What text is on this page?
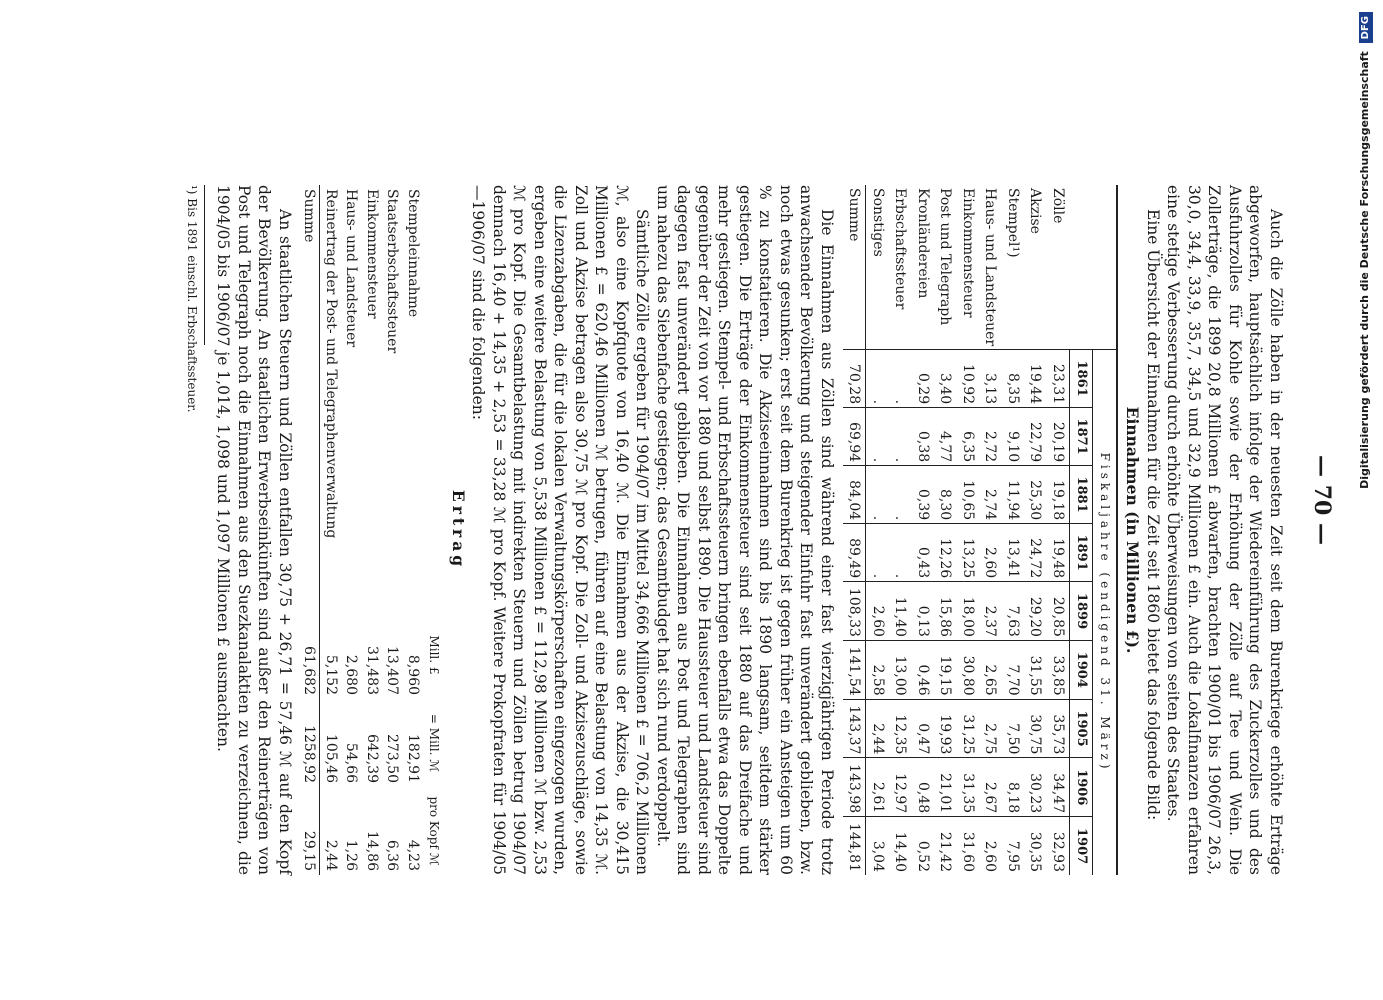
— 70 —

Auch die Zölle haben in der neuesten Zeit seit dem Burenkriege erhöhte Erträge abgeworfen, hauptsächlich infolge der Wiedereinführung des Zuckerzolles und des Ausfuhrzolles für Kohle sowie der Erhöhung der Zölle auf Tee und Wein. Die Zollerträge, die 1899 20,8 Millionen £ abwarfen, brachten 1900/01 bis 1906/07 26,3, 30,0, 34,4, 33,9, 35,7, 34,5 und 32,9 Millionen £ ein. Auch die Lokalfinanzen erfahren eine stetige Verbesserung durch erhöhte Überweisungen von seiten des Staates.

Eine Übersicht der Einnahmen für die Zeit seit 1860 bietet das folgende Bild:

Einnahmen (in Millionen £).

	Fiskaljahre (endigend 31. März)								
	1861	1871	1881	1891	1899	1904	1905	1906	1907
Zölle	23,31	20,19	19,18	19,48	20,85	33,85	35,73	34,47	32,93
Akzise	19,44	22,79	25,30	24,72	29,20	31,55	30,75	30,23	30,35
Stempel¹)	8,35	9,10	11,94	13,41	7,63	7,70	7,50	8,18	7,95
Haus- und Landsteuer	3,13	2,72	2,74	2,60	2,37	2,65	2,75	2,67	2,60
Einkommensteuer	10,92	6,35	10,65	13,25	18,00	30,80	31,25	31,35	31,60
Post und Telegraph	3,40	4,77	8,30	12,26	15,86	19,15	19,93	21,01	21,42
Kronländereien	0,29	0,38	0,39	0,43	0,13	0,46	0,47	0,48	0,52
Erbschaftssteuer	.	.	.	.	11,40	13,00	12,35	12,97	14,40
Sonstiges	.	.	.	.	2,60	2,58	2,44	2,61	3,04
Summe	70,28	69,94	84,04	89,49	108,33	141,54	143,37	143,98	144,81

Die Einnahmen aus Zöllen sind während einer fast vierzigjährigen Periode trotz anwachsender Bevölkerung und steigender Einfuhr fast unverändert geblieben, bzw. noch etwas gesunken; erst seit dem Burenkrieg ist gegen früher ein Ansteigen um 60 % zu konstatieren. Die Akziseeinnahmen sind bis 1890 langsam, seitdem stärker gestiegen. Die Erträge der Einkommensteuer sind seit 1880 auf das Dreifache und mehr gestiegen. Stempel- und Erbschaftssteuern bringen ebenfalls etwa das Doppelte gegenüber der Zeit von vor 1880 und selbst 1890. Die Haussteuer und Landsteuer sind dagegen fast unverändert geblieben. Die Einnahmen aus Post und Telegraphen sind um nahezu das Siebenfache gestiegen; das Gesamtbudget hat sich rund verdoppelt.

Sämtliche Zölle ergeben für 1904/07 im Mittel 34,666 Millionen £ = 706,2 Millionen ℳ, also eine Kopfquote von 16,40 ℳ. Die Einnahmen aus der Akzise, die 30,415 Millionen £ = 620,46 Millionen ℳ betrugen, führen auf eine Belastung von 14,35 ℳ. Zoll und Akzise betragen also 30,75 ℳ pro Kopf. Die Zoll- und Akzisezuschläge, sowie die Lizenzabgaben, die für die lokalen Verwaltungskörperschaften eingezogen wurden, ergeben eine weitere Belastung von 5,538 Millionen £ = 112,98 Millionen ℳ bzw. 2,53 ℳ pro Kopf. Die Gesamtbelastung mit indirekten Steuern und Zöllen betrug 1904/07 demnach 16,40 + 14,35 + 2,53 = 33,28 ℳ pro Kopf. Weitere Prokopfraten für 1904/05—1906/07 sind die folgenden:

Ertrag

	Mill. £	= Mill. ℳ	pro Kopf ℳ
Stempeleinnahme	8,960	182,91	4,23
Staatserbschaftssteuer	13,407	273,50	6,36
Einkommensteuer	31,483	642,39	14,86
Haus- und Landsteuer	2,680	54,66	1,26
Reinertrag der Post- und Telegraphenverwaltung	5,152	105,46	2,44
Summe	61,682	1258,92	29,15

An staatlichen Steuern und Zöllen entfallen 30,75 + 26,71 = 57,46 ℳ auf den Kopf der Bevölkerung. An staatlichen Erwerbseinkünften sind außer den Reinerträgen von Post und Telegraph noch die Einnahmen aus den Suezkanalaktien zu verzeichnen, die 1904/05 bis 1906/07 je 1,014, 1,098 und 1,097 Millionen £ ausmachten.

¹) Bis 1891 einschl. Erbschaftssteuer.	Digitalisierung gefördert durch die Deutsche Forschungsgemeinschaft DFG
